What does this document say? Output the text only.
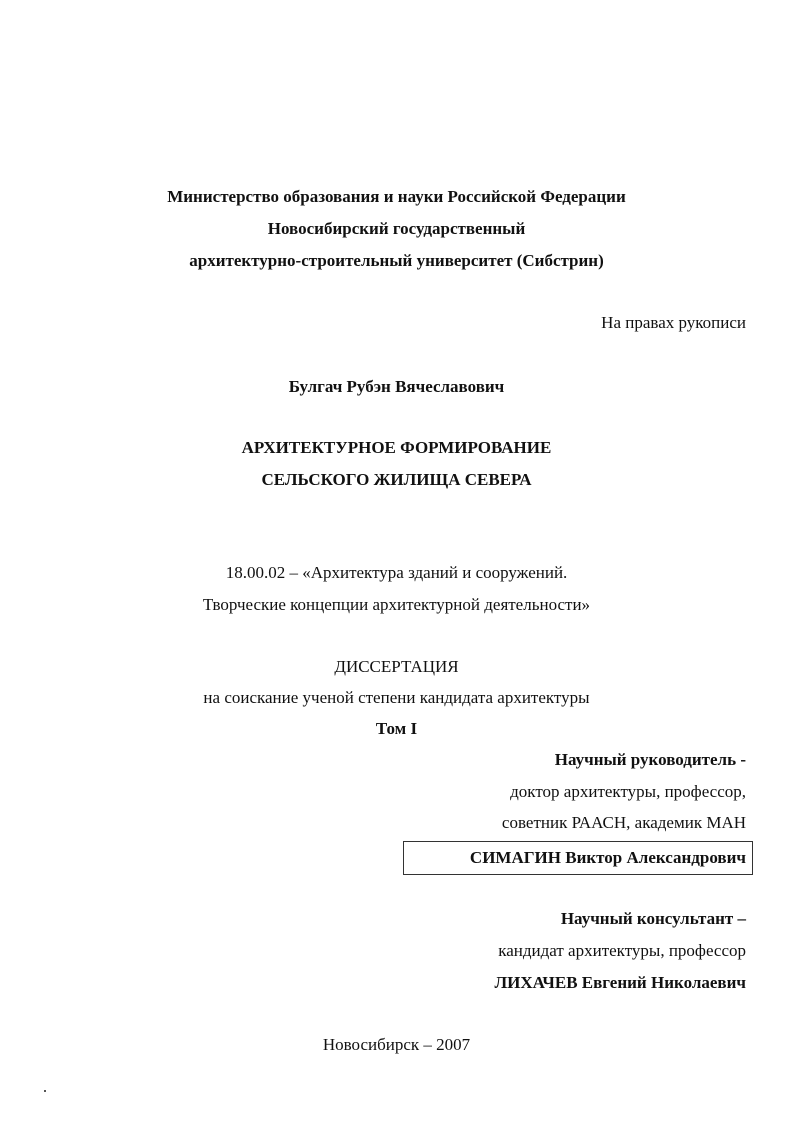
Министерство образования и науки Российской Федерации
Новосибирский государственный
архитектурно-строительный университет (Сибстрин)
На правах рукописи
Булгач Рубэн Вячеславович
АРХИТЕКТУРНОЕ ФОРМИРОВАНИЕ
СЕЛЬСКОГО ЖИЛИЩА СЕВЕРА
18.00.02 – «Архитектура зданий и сооружений.
Творческие концепции архитектурной деятельности»
ДИССЕРТАЦИЯ
на соискание ученой степени кандидата архитектуры
Том I
Научный руководитель -
доктор архитектуры, профессор,
советник РААСН, академик МАН
СИМАГИН Виктор Александрович
Научный консультант –
кандидат архитектуры, профессор
ЛИХАЧЕВ Евгений Николаевич
Новосибирск – 2007
